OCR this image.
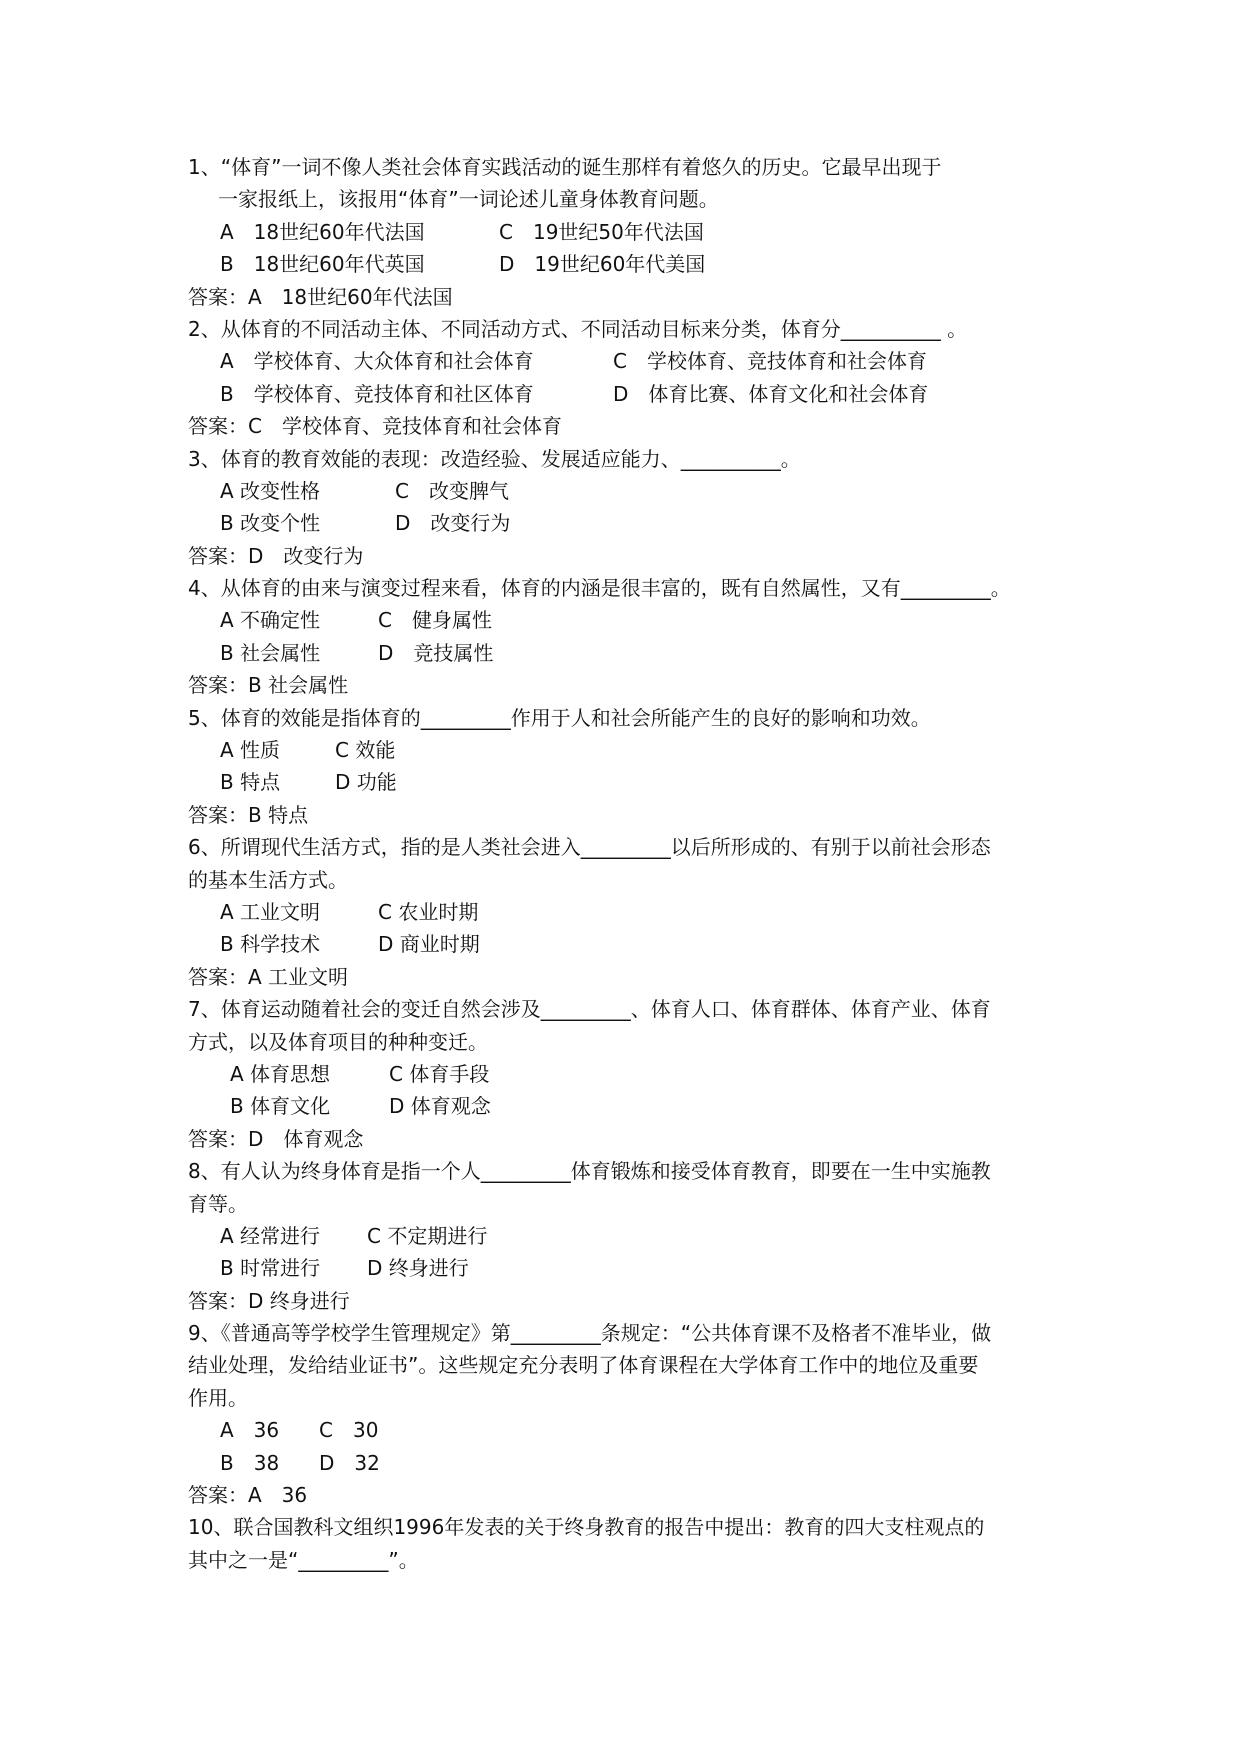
1、“体育”一词不像人类社会体育实践活动的诞生那样有着悠久的历史。它最早出现于
一家报纸上，该报用“体育”一词论述儿童身体教育问题。
A　18世纪60年代法国	C　19世纪50年代法国
B　18世纪60年代英国	D　19世纪60年代美国
答案：A　18世纪60年代法国
2、从体育的不同活动主体、不同活动方式、不同活动目标来分类，体育分__________ 。
A　学校体育、大众体育和社会体育	C　学校体育、竞技体育和社会体育
B　学校体育、竞技体育和社区体育	D　体育比赛、体育文化和社会体育
答案：C　学校体育、竞技体育和社会体育
3、体育的教育效能的表现：改造经验、发展适应能力、__________。
A 改变性格	C　改变脾气
B 改变个性	D　改变行为
答案：D　改变行为
4、从体育的由来与演变过程来看，体育的内涵是很丰富的，既有自然属性，又有_________。
A 不确定性	C　健身属性
B 社会属性	D　竞技属性
答案：B 社会属性
5、体育的效能是指体育的_________作用于人和社会所能产生的良好的影响和功效。
A 性质	C 效能
B 特点	D 功能
答案：B 特点
6、所谓现代生活方式，指的是人类社会进入_________以后所形成的、有别于以前社会形态
的基本生活方式。
A 工业文明	C 农业时期
B 科学技术	D 商业时期
答案：A 工业文明
7、体育运动随着社会的变迁自然会涉及_________、体育人口、体育群体、体育产业、体育
方式，以及体育项目的种种变迁。
A 体育思想	C 体育手段
B 体育文化	D 体育观念
答案：D　体育观念
8、有人认为终身体育是指一个人_________体育锻炼和接受体育教育，即要在一生中实施教
育等。
A 经常进行 C 不定期进行
B 时常进行 D 终身进行
答案：D 终身进行
9、《普通高等学校学生管理规定》第_________条规定：“公共体育课不及格者不准毕业，做
结业处理，发给结业证书”。这些规定充分表明了体育课程在大学体育工作中的地位及重要
作用。
A　36 C　30
B　38 D　32
答案：A　36
10、联合国教科文组织1996年发表的关于终身教育的报告中提出：教育的四大支柱观点的
其中之一是“_________”。
